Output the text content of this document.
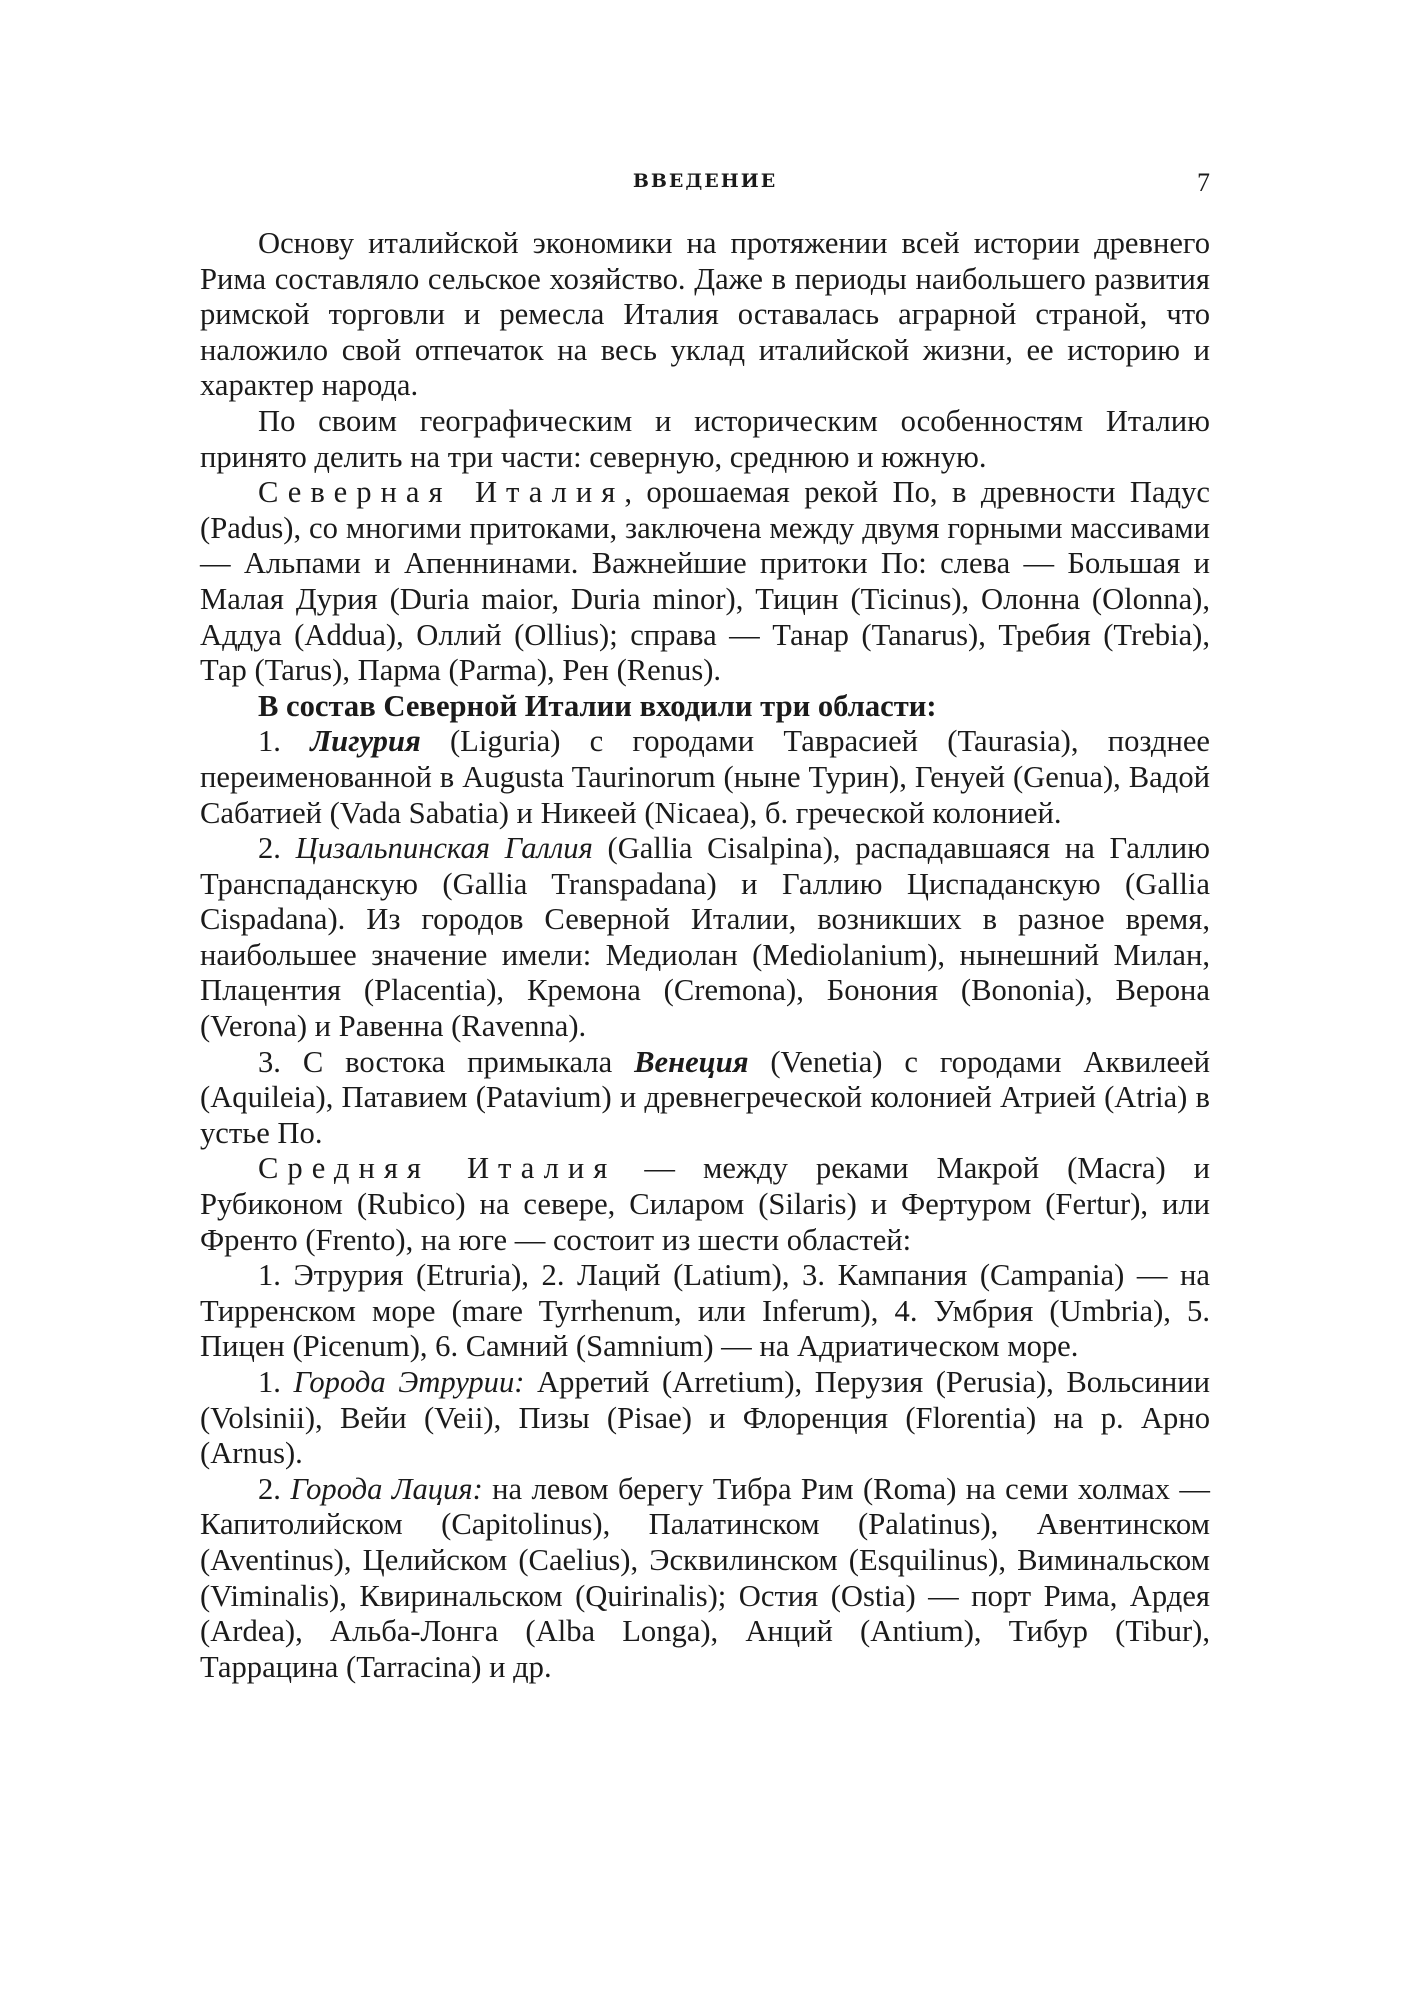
ВВЕДЕНИЕ	7

Основу италийской экономики на протяжении всей истории древнего Рима составляло сельское хозяйство. Даже в периоды наибольшего развития римской торговли и ремесла Италия оставалась аграрной страной, что наложило свой отпечаток на весь уклад италийской жизни, ее историю и характер народа.

По своим географическим и историческим особенностям Италию принято делить на три части: северную, среднюю и южную.

Северная Италия, орошаемая рекой По, в древности Падус (Padus), со многими притоками, заключена между двумя горными массивами — Альпами и Апеннинами. Важнейшие притоки По: слева — Большая и Малая Дурия (Duria maior, Duria minor), Тицин (Ticinus), Олонна (Olonna), Аддуа (Addua), Оллий (Ollius); справа — Танар (Tanarus), Требия (Trebia), Тар (Tarus), Парма (Parma), Рен (Renus).

В состав Северной Италии входили три области:

1. Лигурия (Liguria) с городами Таврасией (Taurasia), позднее переименованной в Augusta Taurinorum (ныне Турин), Генуей (Genua), Вадой Сабатией (Vada Sabatia) и Никеей (Nicaea), б. греческой колонией.

2. Цизальпинская Галлия (Gallia Cisalpina), распадавшаяся на Галлию Транспаданскую (Gallia Transpadana) и Галлию Циспаданскую (Gallia Cispadana). Из городов Северной Италии, возникших в разное время, наибольшее значение имели: Медиолан (Mediolanium), нынешний Милан, Плацентия (Placentia), Кремона (Cremona), Бонония (Bononia), Верона (Verona) и Равенна (Ravenna).

3. С востока примыкала Венеция (Venetia) с городами Аквилеей (Aquileia), Патавием (Patavium) и древнегреческой колонией Атрией (Atria) в устье По.

Средняя Италия — между реками Макрой (Macra) и Рубиконом (Rubico) на севере, Силаром (Silaris) и Фертуром (Fertur), или Френто (Frento), на юге — состоит из шести областей:

1. Этрурия (Etruria), 2. Лаций (Latium), 3. Кампания (Campania) — на Тирренском море (mare Tyrrhenum, или Inferum), 4. Умбрия (Umbria), 5. Пицен (Picenum), 6. Самний (Samnium) — на Адриатическом море.

1. Города Этрурии: Арретий (Arretium), Перузия (Perusia), Вольсинии (Volsinii), Вейи (Veii), Пизы (Pisae) и Флоренция (Florentia) на р. Арно (Arnus).

2. Города Лация: на левом берегу Тибра Рим (Roma) на семи холмах — Капитолийском (Capitolinus), Палатинском (Palatinus), Авентинском (Aventinus), Целийском (Caelius), Эсквилинском (Esquilinus), Виминальском (Viminalis), Квиринальском (Quirinalis); Остия (Ostia) — порт Рима, Ардея (Ardea), Альба-Лонга (Alba Longa), Анций (Antium), Тибур (Tibur), Таррацина (Tarracina) и др.
